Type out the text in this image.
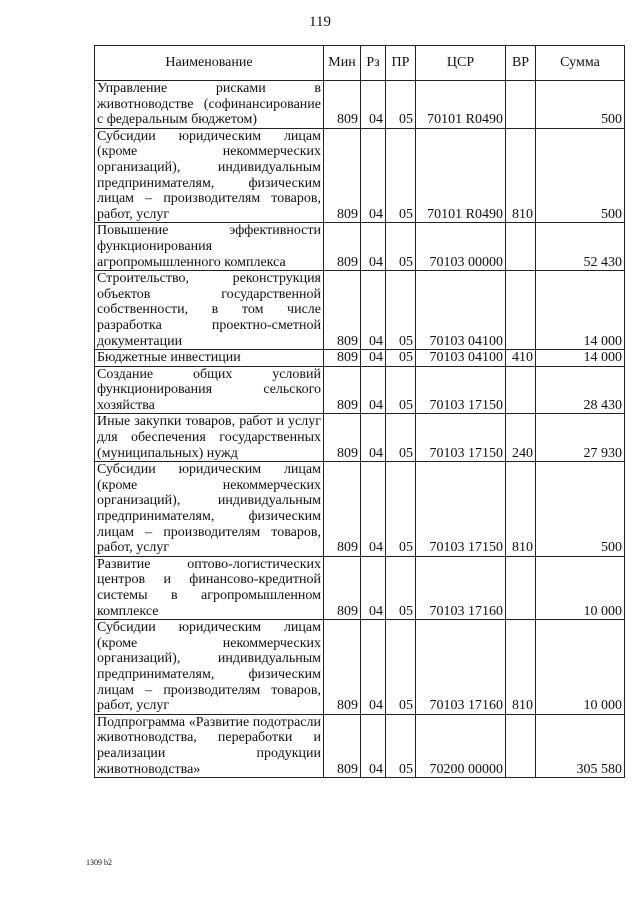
119
Наименование	Мин	Рз	ПР	ЦСР	ВР	Сумма
Управление рисками в животноводстве (софинансирование с федеральным бюджетом)	809	04	05	70101 R0490		500
Субсидии юридическим лицам (кроме некоммерческих организаций), индивидуальным предпринимателям, физическим лицам – производителям товаров, работ, услуг	809	04	05	70101 R0490	810	500
Повышение эффективности функционирования агропромышленного комплекса	809	04	05	70103 00000		52 430
Строительство, реконструкция объектов государственной собственности, в том числе разработка проектно-сметной документации	809	04	05	70103 04100		14 000
Бюджетные инвестиции	809	04	05	70103 04100	410	14 000
Создание общих условий функционирования сельского хозяйства	809	04	05	70103 17150		28 430
Иные закупки товаров, работ и услуг для обеспечения государственных (муниципальных) нужд	809	04	05	70103 17150	240	27 930
Субсидии юридическим лицам (кроме некоммерческих организаций), индивидуальным предпринимателям, физическим лицам – производителям товаров, работ, услуг	809	04	05	70103 17150	810	500
Развитие оптово-логистических центров и финансово-кредитной системы в агропромышленном комплексе	809	04	05	70103 17160		10 000
Субсидии юридическим лицам (кроме некоммерческих организаций), индивидуальным предпринимателям, физическим лицам – производителям товаров, работ, услуг	809	04	05	70103 17160	810	10 000
Подпрограмма «Развитие подотрасли животноводства, переработки и реализации продукции животноводства»	809	04	05	70200 00000		305 580
1309 b2
